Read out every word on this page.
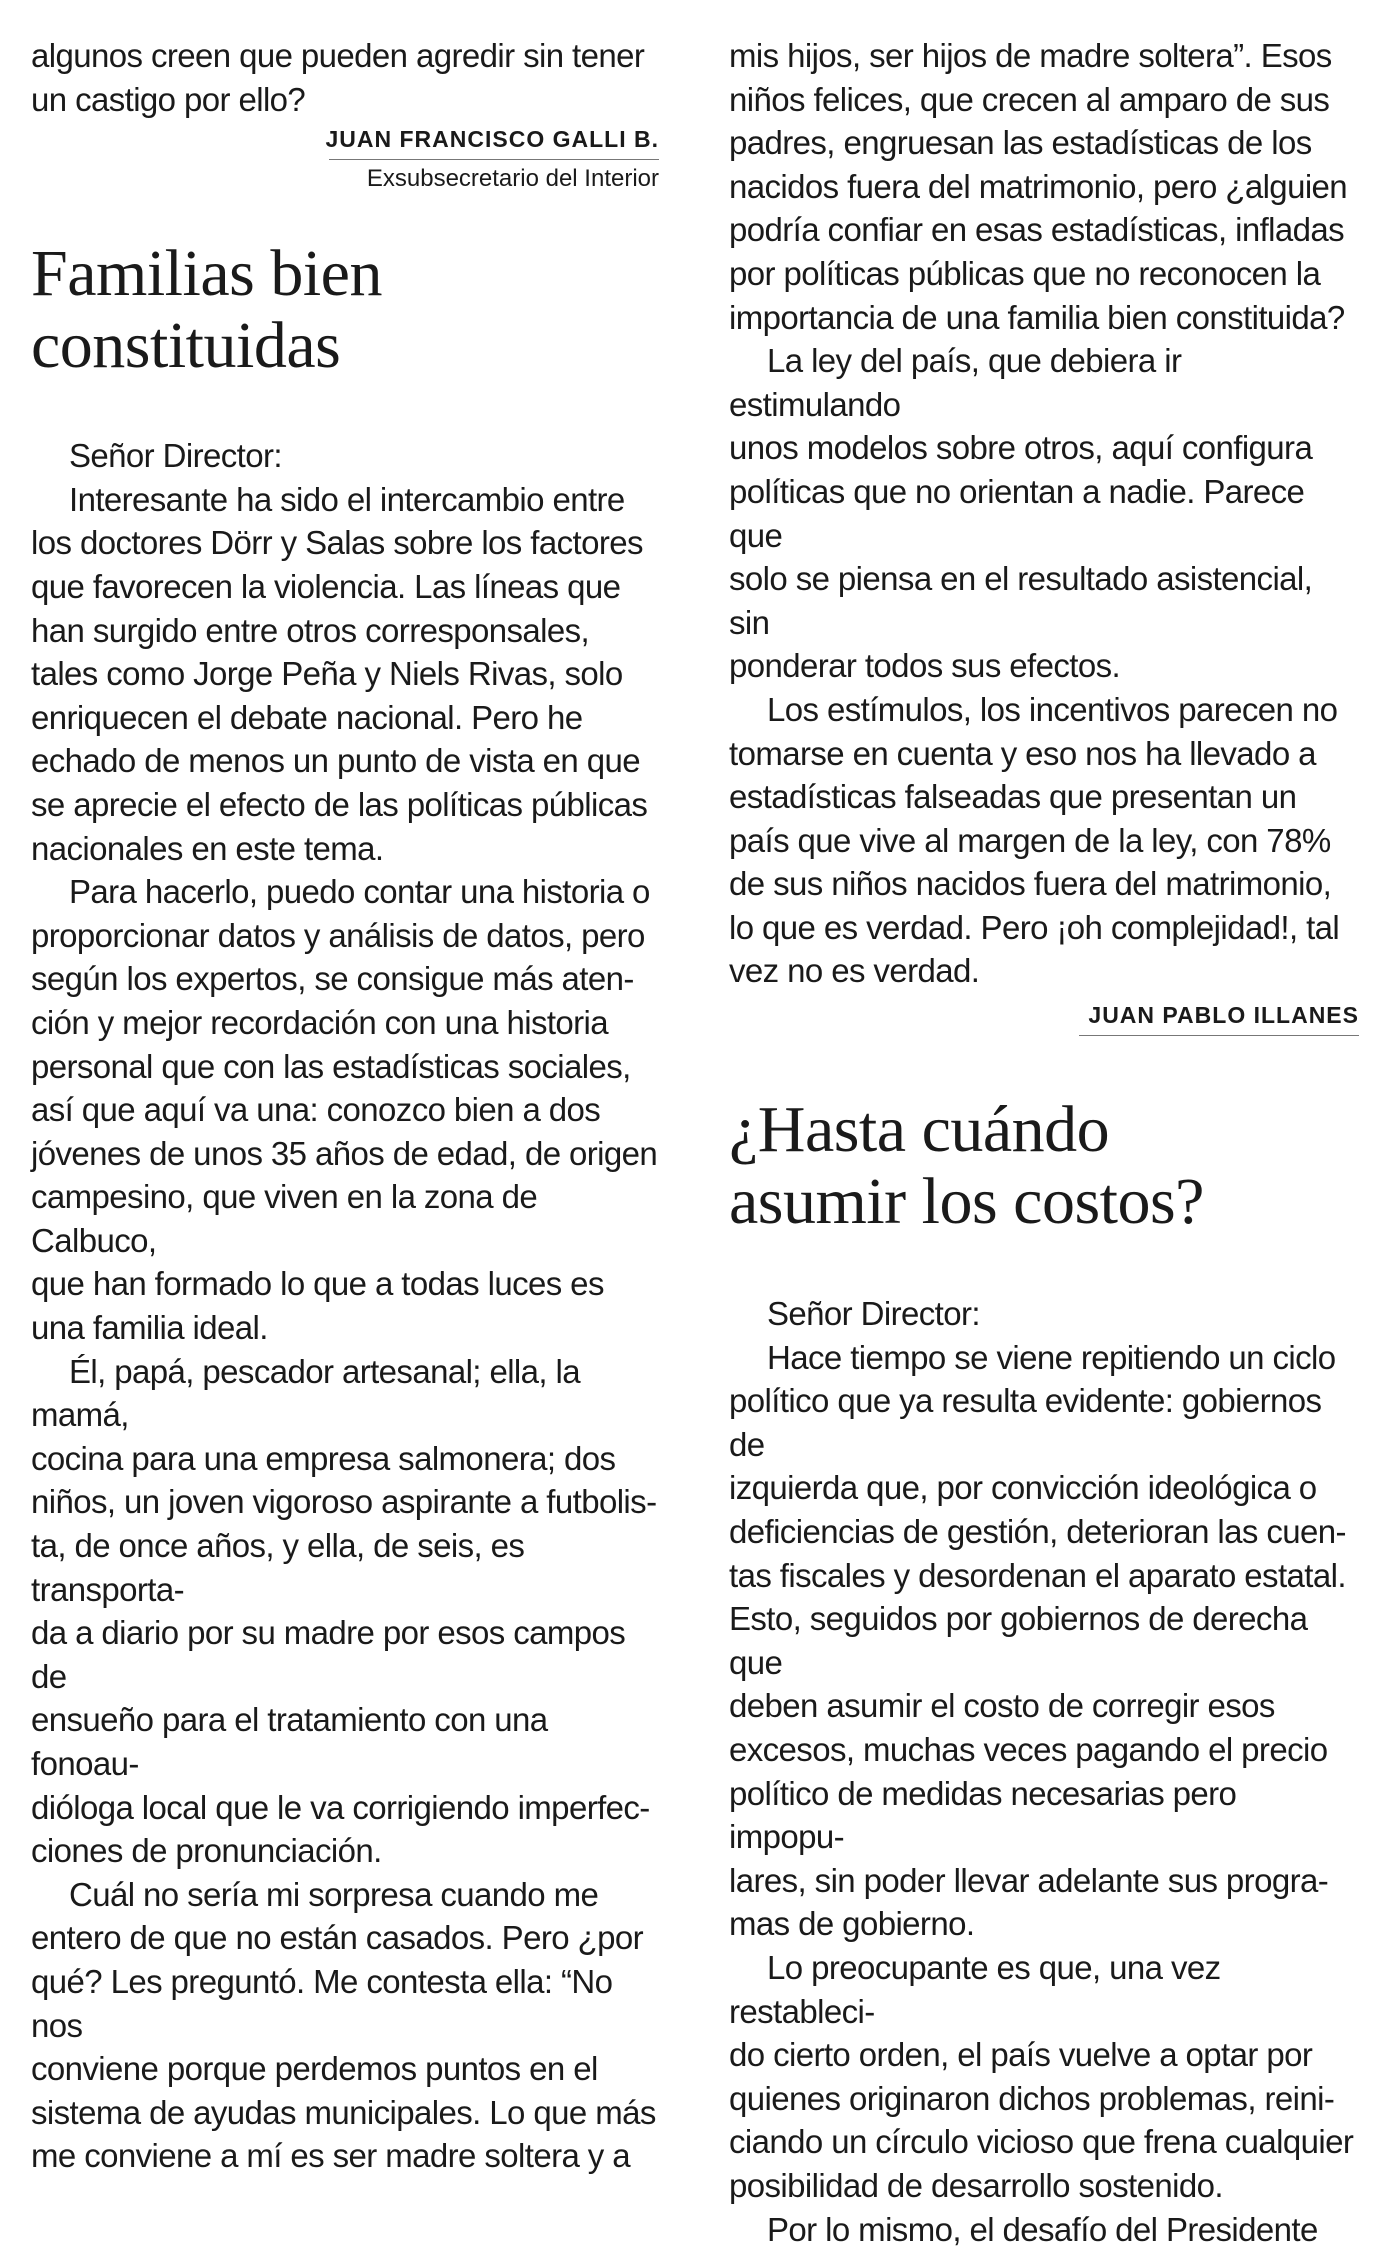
algunos creen que pueden agredir sin tener

un castigo por ello?

JUAN FRANCISCO GALLI B.
Exsubsecretario del Interior
Familias bien
constituidas

Señor Director:

Interesante ha sido el intercambio entre

los doctores Dörr y Salas sobre los factores

que favorecen la violencia. Las líneas que

han surgido entre otros corresponsales,

tales como Jorge Peña y Niels Rivas, solo

enriquecen el debate nacional. Pero he

echado de menos un punto de vista en que

se aprecie el efecto de las políticas públicas

nacionales en este tema.

Para hacerlo, puedo contar una historia o

proporcionar datos y análisis de datos, pero

según los expertos, se consigue más aten-

ción y mejor recordación con una historia

personal que con las estadísticas sociales,

así que aquí va una: conozco bien a dos

jóvenes de unos 35 años de edad, de origen

campesino, que viven en la zona de Calbuco,

que han formado lo que a todas luces es

una familia ideal.

Él, papá, pescador artesanal; ella, la mamá,

cocina para una empresa salmonera; dos

niños, un joven vigoroso aspirante a futbolis-

ta, de once años, y ella, de seis, es transporta-

da a diario por su madre por esos campos de

ensueño para el tratamiento con una fonoau-

dióloga local que le va corrigiendo imperfec-

ciones de pronunciación.

Cuál no sería mi sorpresa cuando me

entero de que no están casados. Pero ¿por

qué? Les preguntó. Me contesta ella: “No nos

conviene porque perdemos puntos en el

sistema de ayudas municipales. Lo que más

me conviene a mí es ser madre soltera y a

mis hijos, ser hijos de madre soltera”. Esos

niños felices, que crecen al amparo de sus

padres, engruesan las estadísticas de los

nacidos fuera del matrimonio, pero ¿alguien

podría confiar en esas estadísticas, infladas

por políticas públicas que no reconocen la

importancia de una familia bien constituida?

La ley del país, que debiera ir estimulando

unos modelos sobre otros, aquí configura

políticas que no orientan a nadie. Parece que

solo se piensa en el resultado asistencial, sin

ponderar todos sus efectos.

Los estímulos, los incentivos parecen no

tomarse en cuenta y eso nos ha llevado a

estadísticas falseadas que presentan un

país que vive al margen de la ley, con 78%

de sus niños nacidos fuera del matrimonio,

lo que es verdad. Pero ¡oh complejidad!, tal

vez no es verdad.

JUAN PABLO ILLANES
¿Hasta cuándo
asumir los costos?

Señor Director:

Hace tiempo se viene repitiendo un ciclo

político que ya resulta evidente: gobiernos de

izquierda que, por convicción ideológica o

deficiencias de gestión, deterioran las cuen-

tas fiscales y desordenan el aparato estatal.

Esto, seguidos por gobiernos de derecha que

deben asumir el costo de corregir esos

excesos, muchas veces pagando el precio

político de medidas necesarias pero impopu-

lares, sin poder llevar adelante sus progra-

mas de gobierno.

Lo preocupante es que, una vez restableci-

do cierto orden, el país vuelve a optar por

quienes originaron dichos problemas, reini-

ciando un círculo vicioso que frena cualquier

posibilidad de desarrollo sostenido.

Por lo mismo, el desafío del Presidente
